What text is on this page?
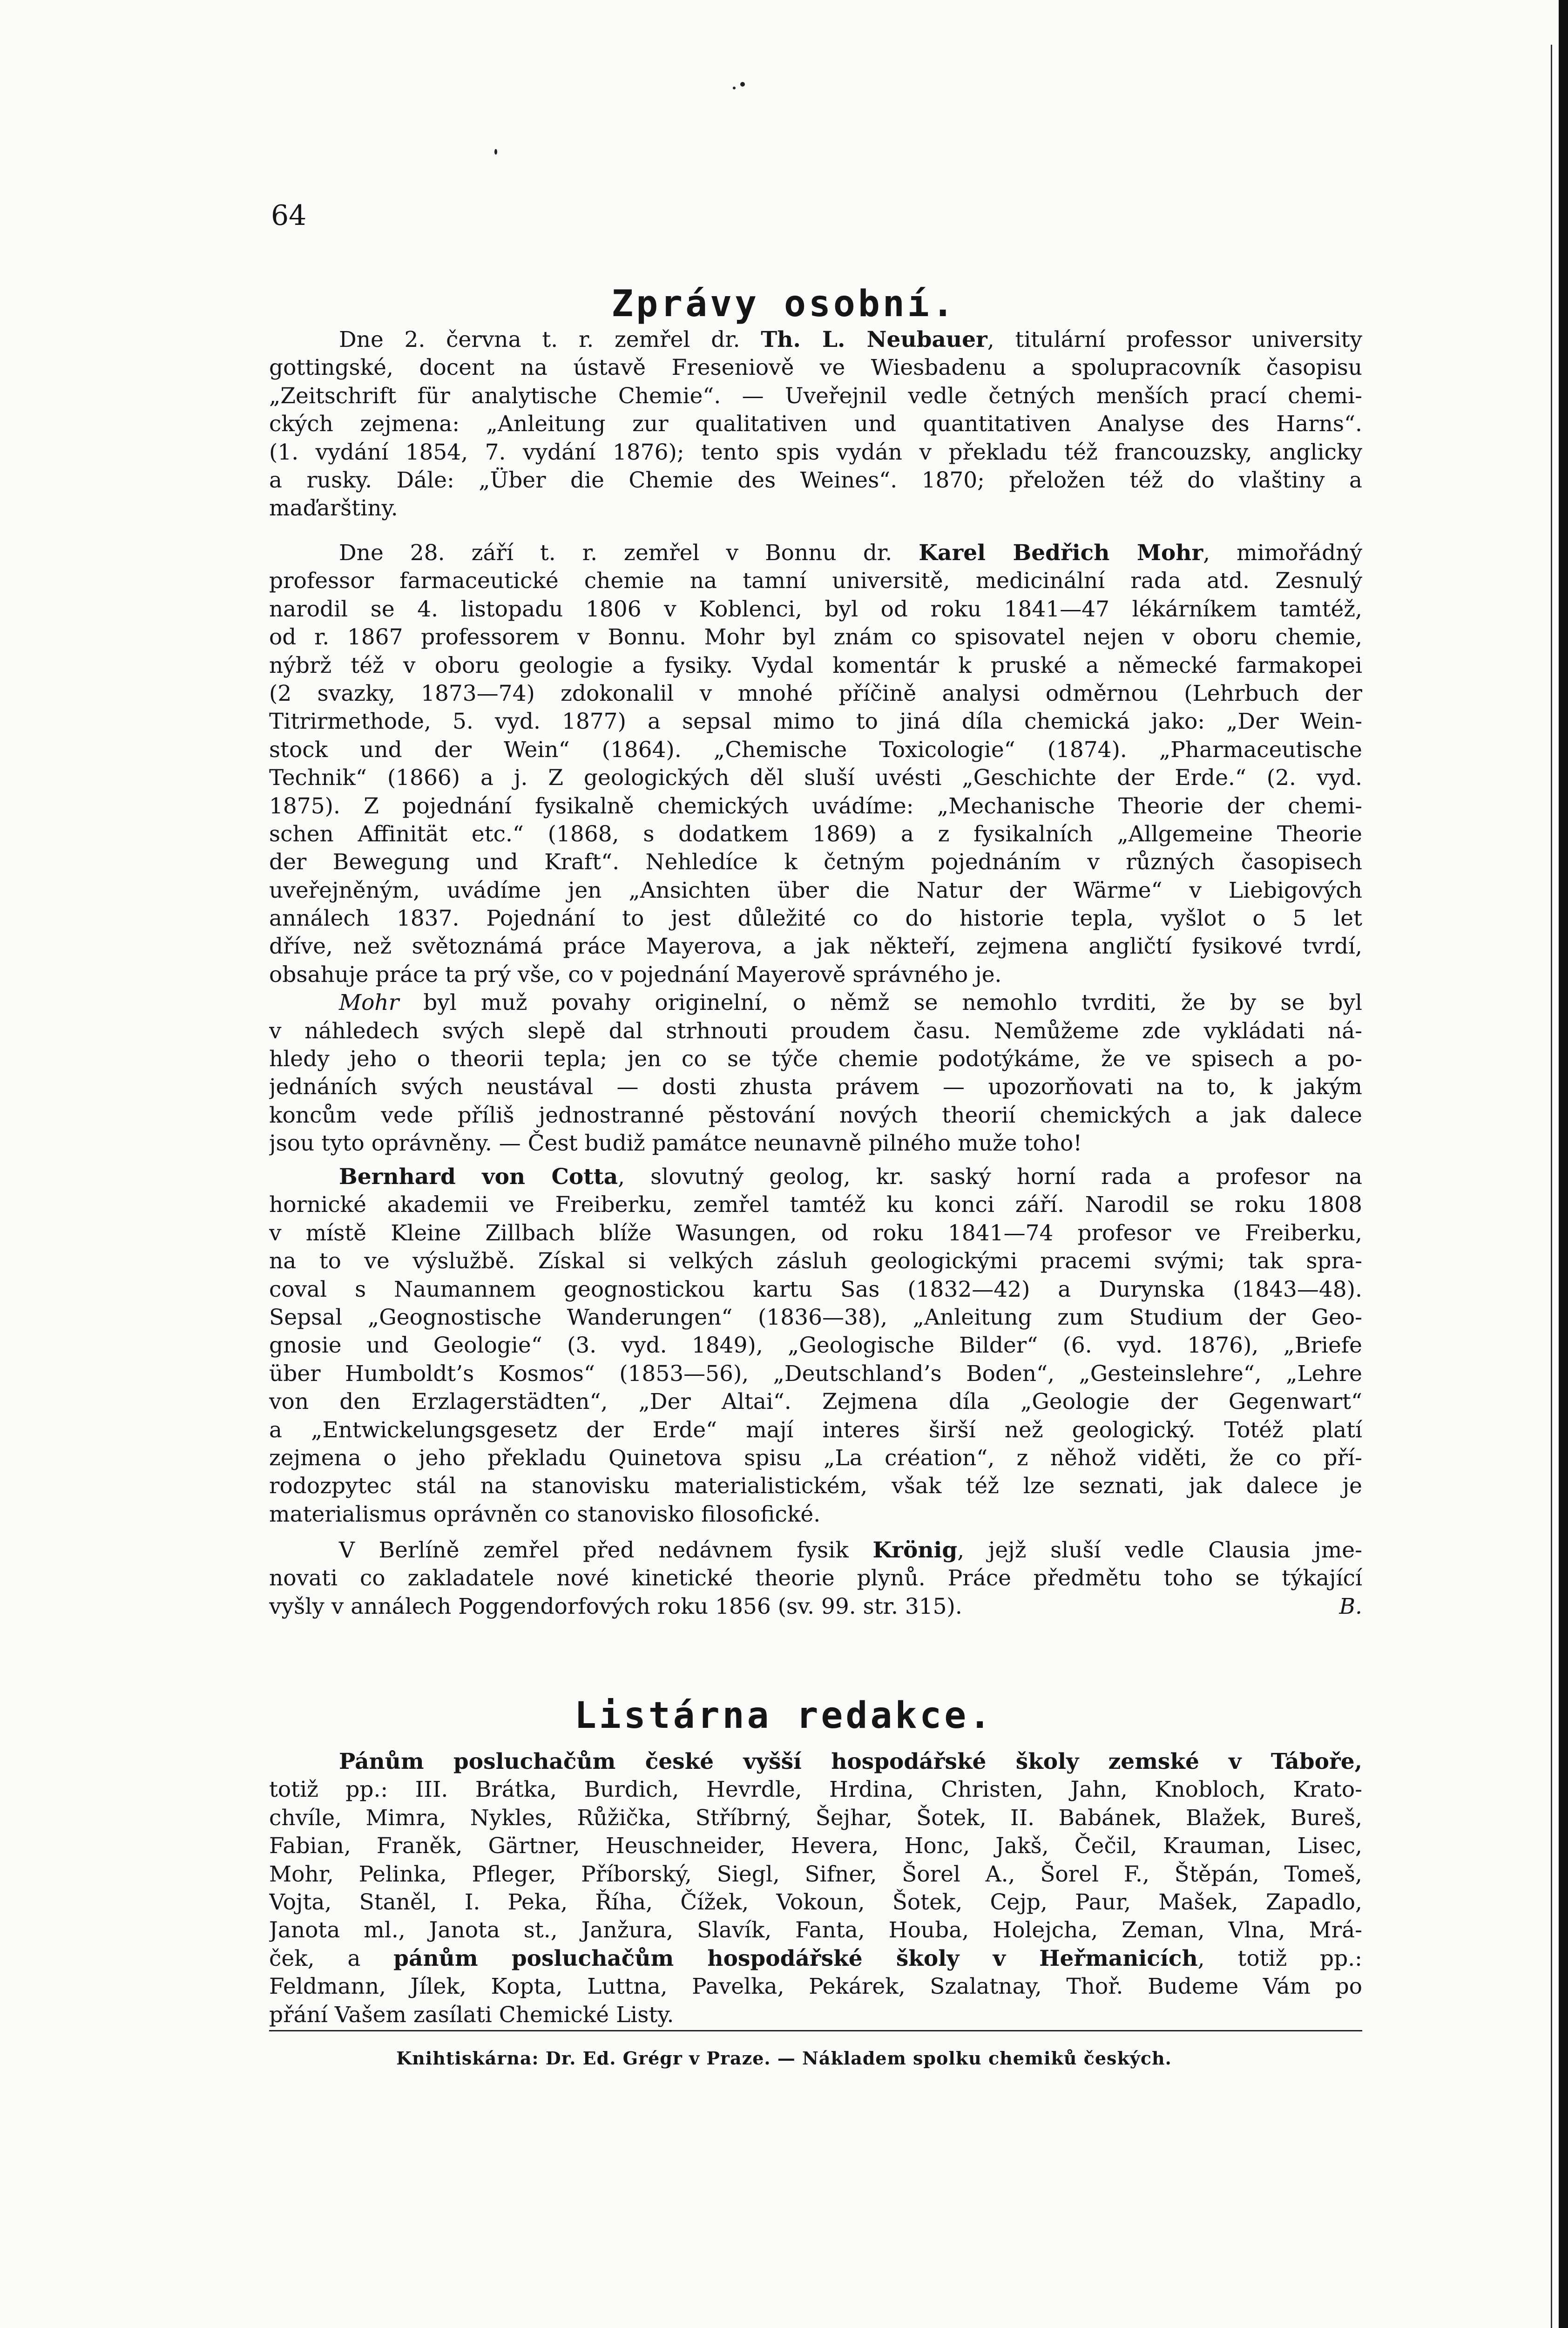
64
Zprávy osobní.
Dne 2. června t. r. zemřel dr. Th. L. Neubauer, titulární professor university
gottingské, docent na ústavě Freseniově ve Wiesbadenu a spolupracovník časopisu
„Zeitschrift für analytische Chemie“. — Uveřejnil vedle četných menších prací chemi-
ckých zejmena: „Anleitung zur qualitativen und quantitativen Analyse des Harns“.
(1. vydání 1854, 7. vydání 1876); tento spis vydán v překladu též francouzsky, anglicky
a rusky. Dále: „Über die Chemie des Weines“. 1870; přeložen též do vlaštiny a
maďarštiny.
Dne 28. září t. r. zemřel v Bonnu dr. Karel Bedřich Mohr, mimořádný
professor farmaceutické chemie na tamní universitě, medicinální rada atd. Zesnulý
narodil se 4. listopadu 1806 v Koblenci, byl od roku 1841—47 lékárníkem tamtéž,
od r. 1867 professorem v Bonnu. Mohr byl znám co spisovatel nejen v oboru chemie,
nýbrž též v oboru geologie a fysiky. Vydal komentár k pruské a německé farmakopei
(2 svazky, 1873—74) zdokonalil v mnohé příčině analysi odměrnou (Lehrbuch der
Titrirmethode, 5. vyd. 1877) a sepsal mimo to jiná díla chemická jako: „Der Wein-
stock und der Wein“ (1864). „Chemische Toxicologie“ (1874). „Pharmaceutische
Technik“ (1866) a j. Z geologických děl sluší uvésti „Geschichte der Erde.“ (2. vyd.
1875). Z pojednání fysikalně chemických uvádíme: „Mechanische Theorie der chemi-
schen Affinität etc.“ (1868, s dodatkem 1869) a z fysikalních „Allgemeine Theorie
der Bewegung und Kraft“. Nehledíce k četným pojednáním v různých časopisech
uveřejněným, uvádíme jen „Ansichten über die Natur der Wärme“ v Liebigových
annálech 1837. Pojednání to jest důležité co do historie tepla, vyšlot o 5 let
dříve, než světoznámá práce Mayerova, a jak někteří, zejmena angličtí fysikové tvrdí,
obsahuje práce ta prý vše, co v pojednání Mayerově správného je.
Mohr byl muž povahy originelní, o němž se nemohlo tvrditi, že by se byl
v náhledech svých slepě dal strhnouti proudem času. Nemůžeme zde vykládati ná-
hledy jeho o theorii tepla; jen co se týče chemie podotýkáme, že ve spisech a po-
jednáních svých neustával — dosti zhusta právem — upozorňovati na to, k jakým
koncům vede příliš jednostranné pěstování nových theorií chemických a jak dalece
jsou tyto oprávněny. — Čest budiž památce neunavně pilného muže toho!
Bernhard von Cotta, slovutný geolog, kr. saský horní rada a profesor na
hornické akademii ve Freiberku, zemřel tamtéž ku konci září. Narodil se roku 1808
v místě Kleine Zillbach blíže Wasungen, od roku 1841—74 profesor ve Freiberku,
na to ve výslužbě. Získal si velkých zásluh geologickými pracemi svými; tak spra-
coval s Naumannem geognostickou kartu Sas (1832—42) a Durynska (1843—48).
Sepsal „Geognostische Wanderungen“ (1836—38), „Anleitung zum Studium der Geo-
gnosie und Geologie“ (3. vyd. 1849), „Geologische Bilder“ (6. vyd. 1876), „Briefe
über Humboldt’s Kosmos“ (1853—56), „Deutschland’s Boden“, „Gesteinslehre“, „Lehre
von den Erzlagerstädten“, „Der Altai“. Zejmena díla „Geologie der Gegenwart“
a „Entwickelungsgesetz der Erde“ mají interes širší než geologický. Totéž platí
zejmena o jeho překladu Quinetova spisu „La création“, z něhož viděti, že co pří-
rodozpytec stál na stanovisku materialistickém, však též lze seznati, jak dalece je
materialismus oprávněn co stanovisko filosofické.
V Berlíně zemřel před nedávnem fysik Krönig, jejž sluší vedle Clausia jme-
novati co zakladatele nové kinetické theorie plynů. Práce předmětu toho se týkající
vyšly v annálech Poggendorfových roku 1856 (sv. 99. str. 315).	B.
Listárna redakce.
Pánům posluchačům české vyšší hospodářské školy zemské v Táboře,
totiž pp.: III. Brátka, Burdich, Hevrdle, Hrdina, Christen, Jahn, Knobloch, Krato-
chvíle, Mimra, Nykles, Růžička, Stříbrný, Šejhar, Šotek, II. Babánek, Blažek, Bureš,
Fabian, Franěk, Gärtner, Heuschneider, Hevera, Honc, Jakš, Čečil, Krauman, Lisec,
Mohr, Pelinka, Pfleger, Příborský, Siegl, Sifner, Šorel A., Šorel F., Štěpán, Tomeš,
Vojta, Staněl, I. Peka, Říha, Čížek, Vokoun, Šotek, Cejp, Paur, Mašek, Zapadlo,
Janota ml., Janota st., Janžura, Slavík, Fanta, Houba, Holejcha, Zeman, Vlna, Mrá-
ček, a pánům posluchačům hospodářské školy v Heřmanicích, totiž pp.:
Feldmann, Jílek, Kopta, Luttna, Pavelka, Pekárek, Szalatnay, Thoř. Budeme Vám po
přání Vašem zasílati Chemické Listy.
Knihtiskárna: Dr. Ed. Grégr v Praze. — Nákladem spolku chemiků českých.
